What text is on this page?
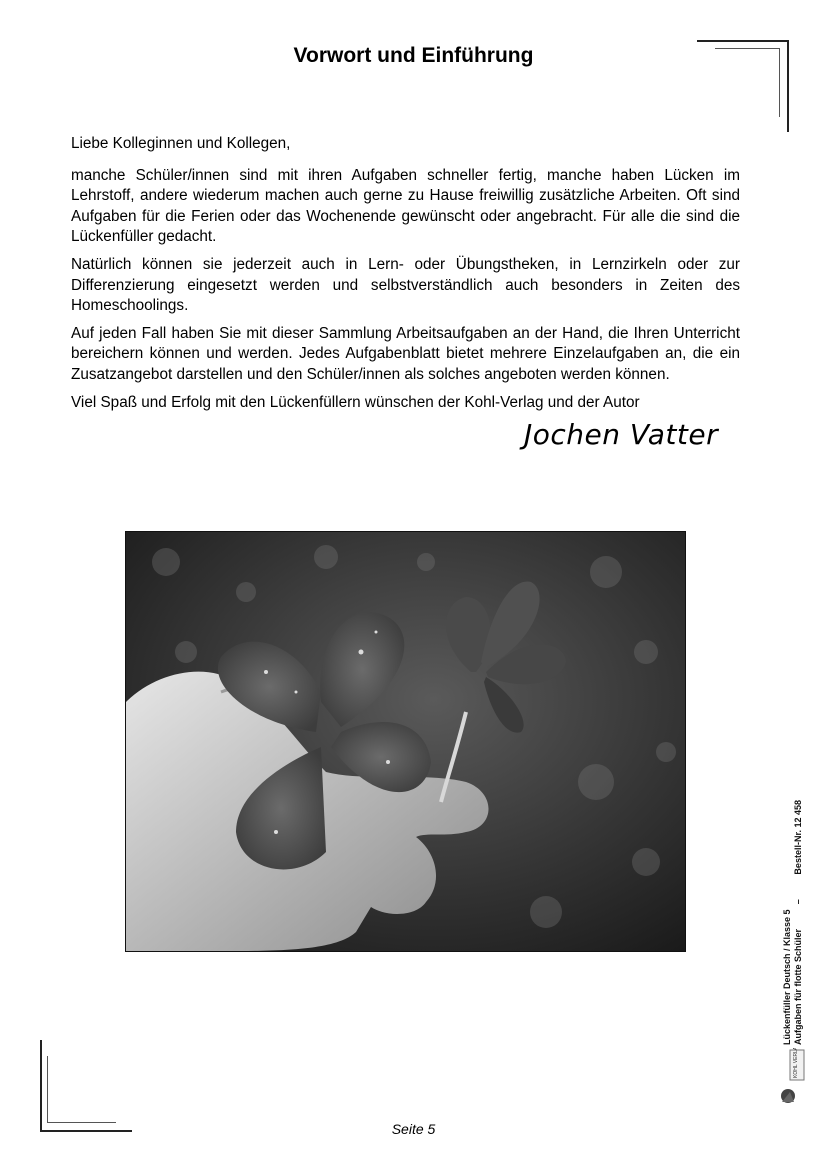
Vorwort und Einführung

Liebe Kolleginnen und Kollegen,

manche Schüler/innen sind mit ihren Aufgaben schneller fertig, manche haben Lücken im Lehrstoff, andere wiederum machen auch gerne zu Hause freiwillig zusätzliche Arbeiten. Oft sind Aufgaben für die Ferien oder das Wochenende gewünscht oder angebracht. Für alle die sind die Lückenfüller gedacht.

Natürlich können sie jederzeit auch in Lern- oder Übungstheken, in Lernzirkeln oder zur Differenzierung eingesetzt werden und selbstverständlich auch besonders in Zeiten des Homeschoolings.

Auf jeden Fall haben Sie mit dieser Sammlung Arbeitsaufgaben an der Hand, die Ihren Unterricht bereichern können und werden. Jedes Aufgabenblatt bietet mehrere Einzelaufgaben an, die ein Zusatzangebot darstellen und den Schüler/innen als solches angeboten werden können.

Viel Spaß und Erfolg mit den Lückenfüllern wünschen der Kohl-Verlag und der Autor

Jochen Vatter
Seite 5
Lückenfüller Deutsch / Klasse 5 Aufgaben für flotte Schüler
–
Bestell-Nr. 12 458
KOHL VERLAG
